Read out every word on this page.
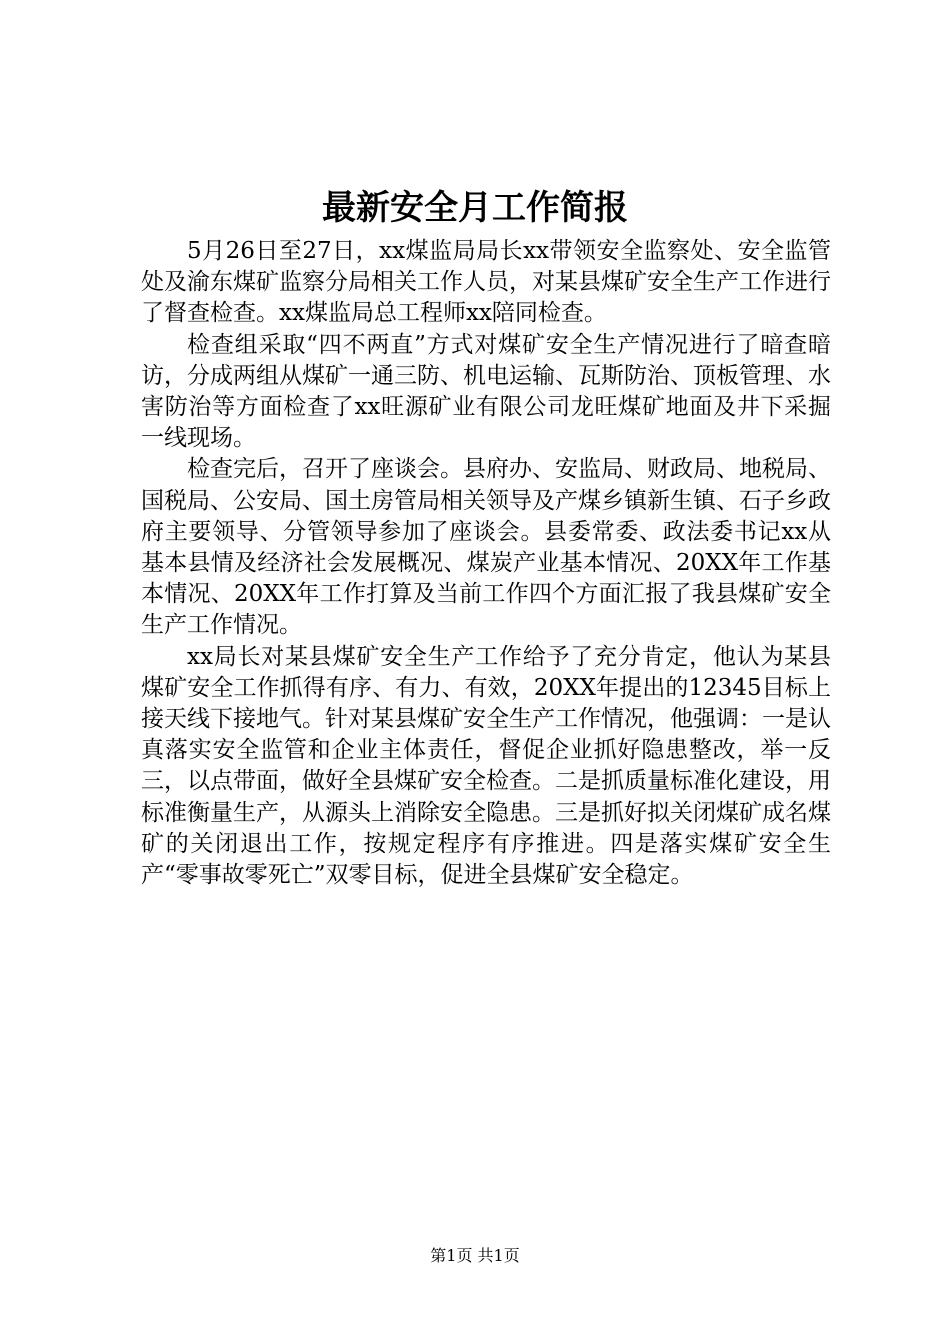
最新安全月工作简报

5月26日至27日，xx煤监局局长xx带领安全监察处、安全监管处及渝东煤矿监察分局相关工作人员，对某县煤矿安全生产工作进行了督查检查。xx煤监局总工程师xx陪同检查。

检查组采取“四不两直”方式对煤矿安全生产情况进行了暗查暗访，分成两组从煤矿一通三防、机电运输、瓦斯防治、顶板管理、水害防治等方面检查了xx旺源矿业有限公司龙旺煤矿地面及井下采掘一线现场。

检查完后，召开了座谈会。县府办、安监局、财政局、地税局、国税局、公安局、国土房管局相关领导及产煤乡镇新生镇、石子乡政府主要领导、分管领导参加了座谈会。县委常委、政法委书记xx从基本县情及经济社会发展概况、煤炭产业基本情况、20XX年工作基本情况、20XX年工作打算及当前工作四个方面汇报了我县煤矿安全生产工作情况。

xx局长对某县煤矿安全生产工作给予了充分肯定，他认为某县煤矿安全工作抓得有序、有力、有效，20XX年提出的12345目标上接天线下接地气。针对某县煤矿安全生产工作情况，他强调：一是认真落实安全监管和企业主体责任，督促企业抓好隐患整改，举一反三，以点带面，做好全县煤矿安全检查。二是抓质量标准化建设，用标准衡量生产，从源头上消除安全隐患。三是抓好拟关闭煤矿成名煤矿的关闭退出工作，按规定程序有序推进。四是落实煤矿安全生产“零事故零死亡”双零目标，促进全县煤矿安全稳定。

第1页 共1页
